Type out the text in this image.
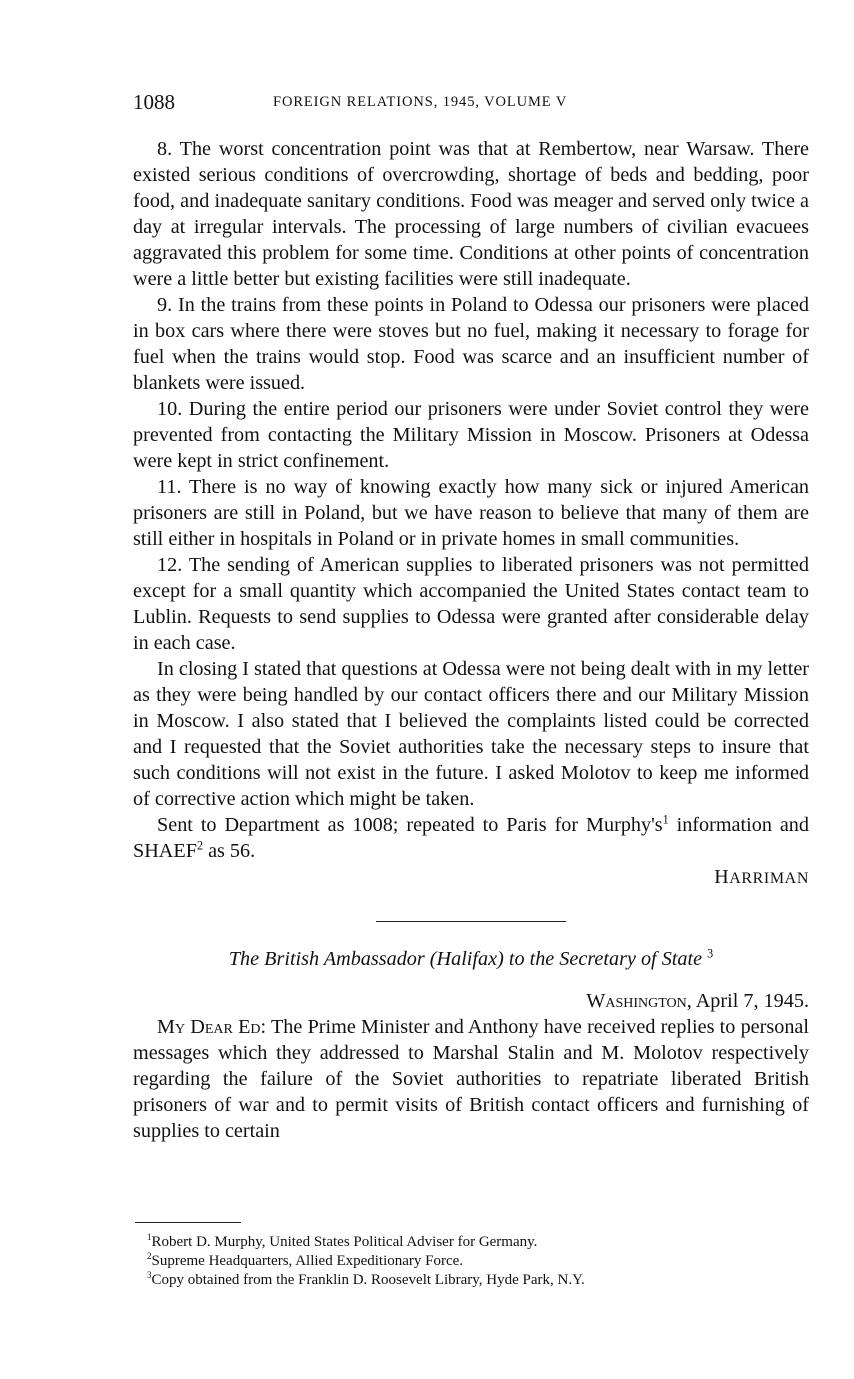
1088	FOREIGN RELATIONS, 1945, VOLUME V

8. The worst concentration point was that at Rembertow, near Warsaw. There existed serious conditions of overcrowding, shortage of beds and bedding, poor food, and inadequate sanitary conditions. Food was meager and served only twice a day at irregular intervals. The processing of large numbers of civilian evacuees aggravated this problem for some time. Conditions at other points of concentration were a little better but existing facilities were still inadequate.

9. In the trains from these points in Poland to Odessa our prisoners were placed in box cars where there were stoves but no fuel, making it necessary to forage for fuel when the trains would stop. Food was scarce and an insufficient number of blankets were issued.

10. During the entire period our prisoners were under Soviet control they were prevented from contacting the Military Mission in Moscow. Prisoners at Odessa were kept in strict confinement.

11. There is no way of knowing exactly how many sick or injured American prisoners are still in Poland, but we have reason to believe that many of them are still either in hospitals in Poland or in private homes in small communities.

12. The sending of American supplies to liberated prisoners was not permitted except for a small quantity which accompanied the United States contact team to Lublin. Requests to send supplies to Odessa were granted after considerable delay in each case.

In closing I stated that questions at Odessa were not being dealt with in my letter as they were being handled by our contact officers there and our Military Mission in Moscow. I also stated that I believed the complaints listed could be corrected and I requested that the Soviet authorities take the necessary steps to insure that such conditions will not exist in the future. I asked Molotov to keep me informed of corrective action which might be taken.

Sent to Department as 1008; repeated to Paris for $Murphy's^1$ information and SHAEF$^2$ as 56.

HARRIMAN
The British Ambassador (Halifax) to the Secretary of State $^3$
Washington, April 7, 1945.

My Dear Ed: The Prime Minister and Anthony have received replies to personal messages which they addressed to Marshal Stalin and M. Molotov respectively regarding the failure of the Soviet authorities to repatriate liberated British prisoners of war and to permit visits of British contact officers and furnishing of supplies to certain

$^1$Robert D. Murphy, United States Political Adviser for Germany.

$^2$Supreme Headquarters, Allied Expeditionary Force.

$^3$Copy obtained from the Franklin D. Roosevelt Library, Hyde Park, N.Y.
